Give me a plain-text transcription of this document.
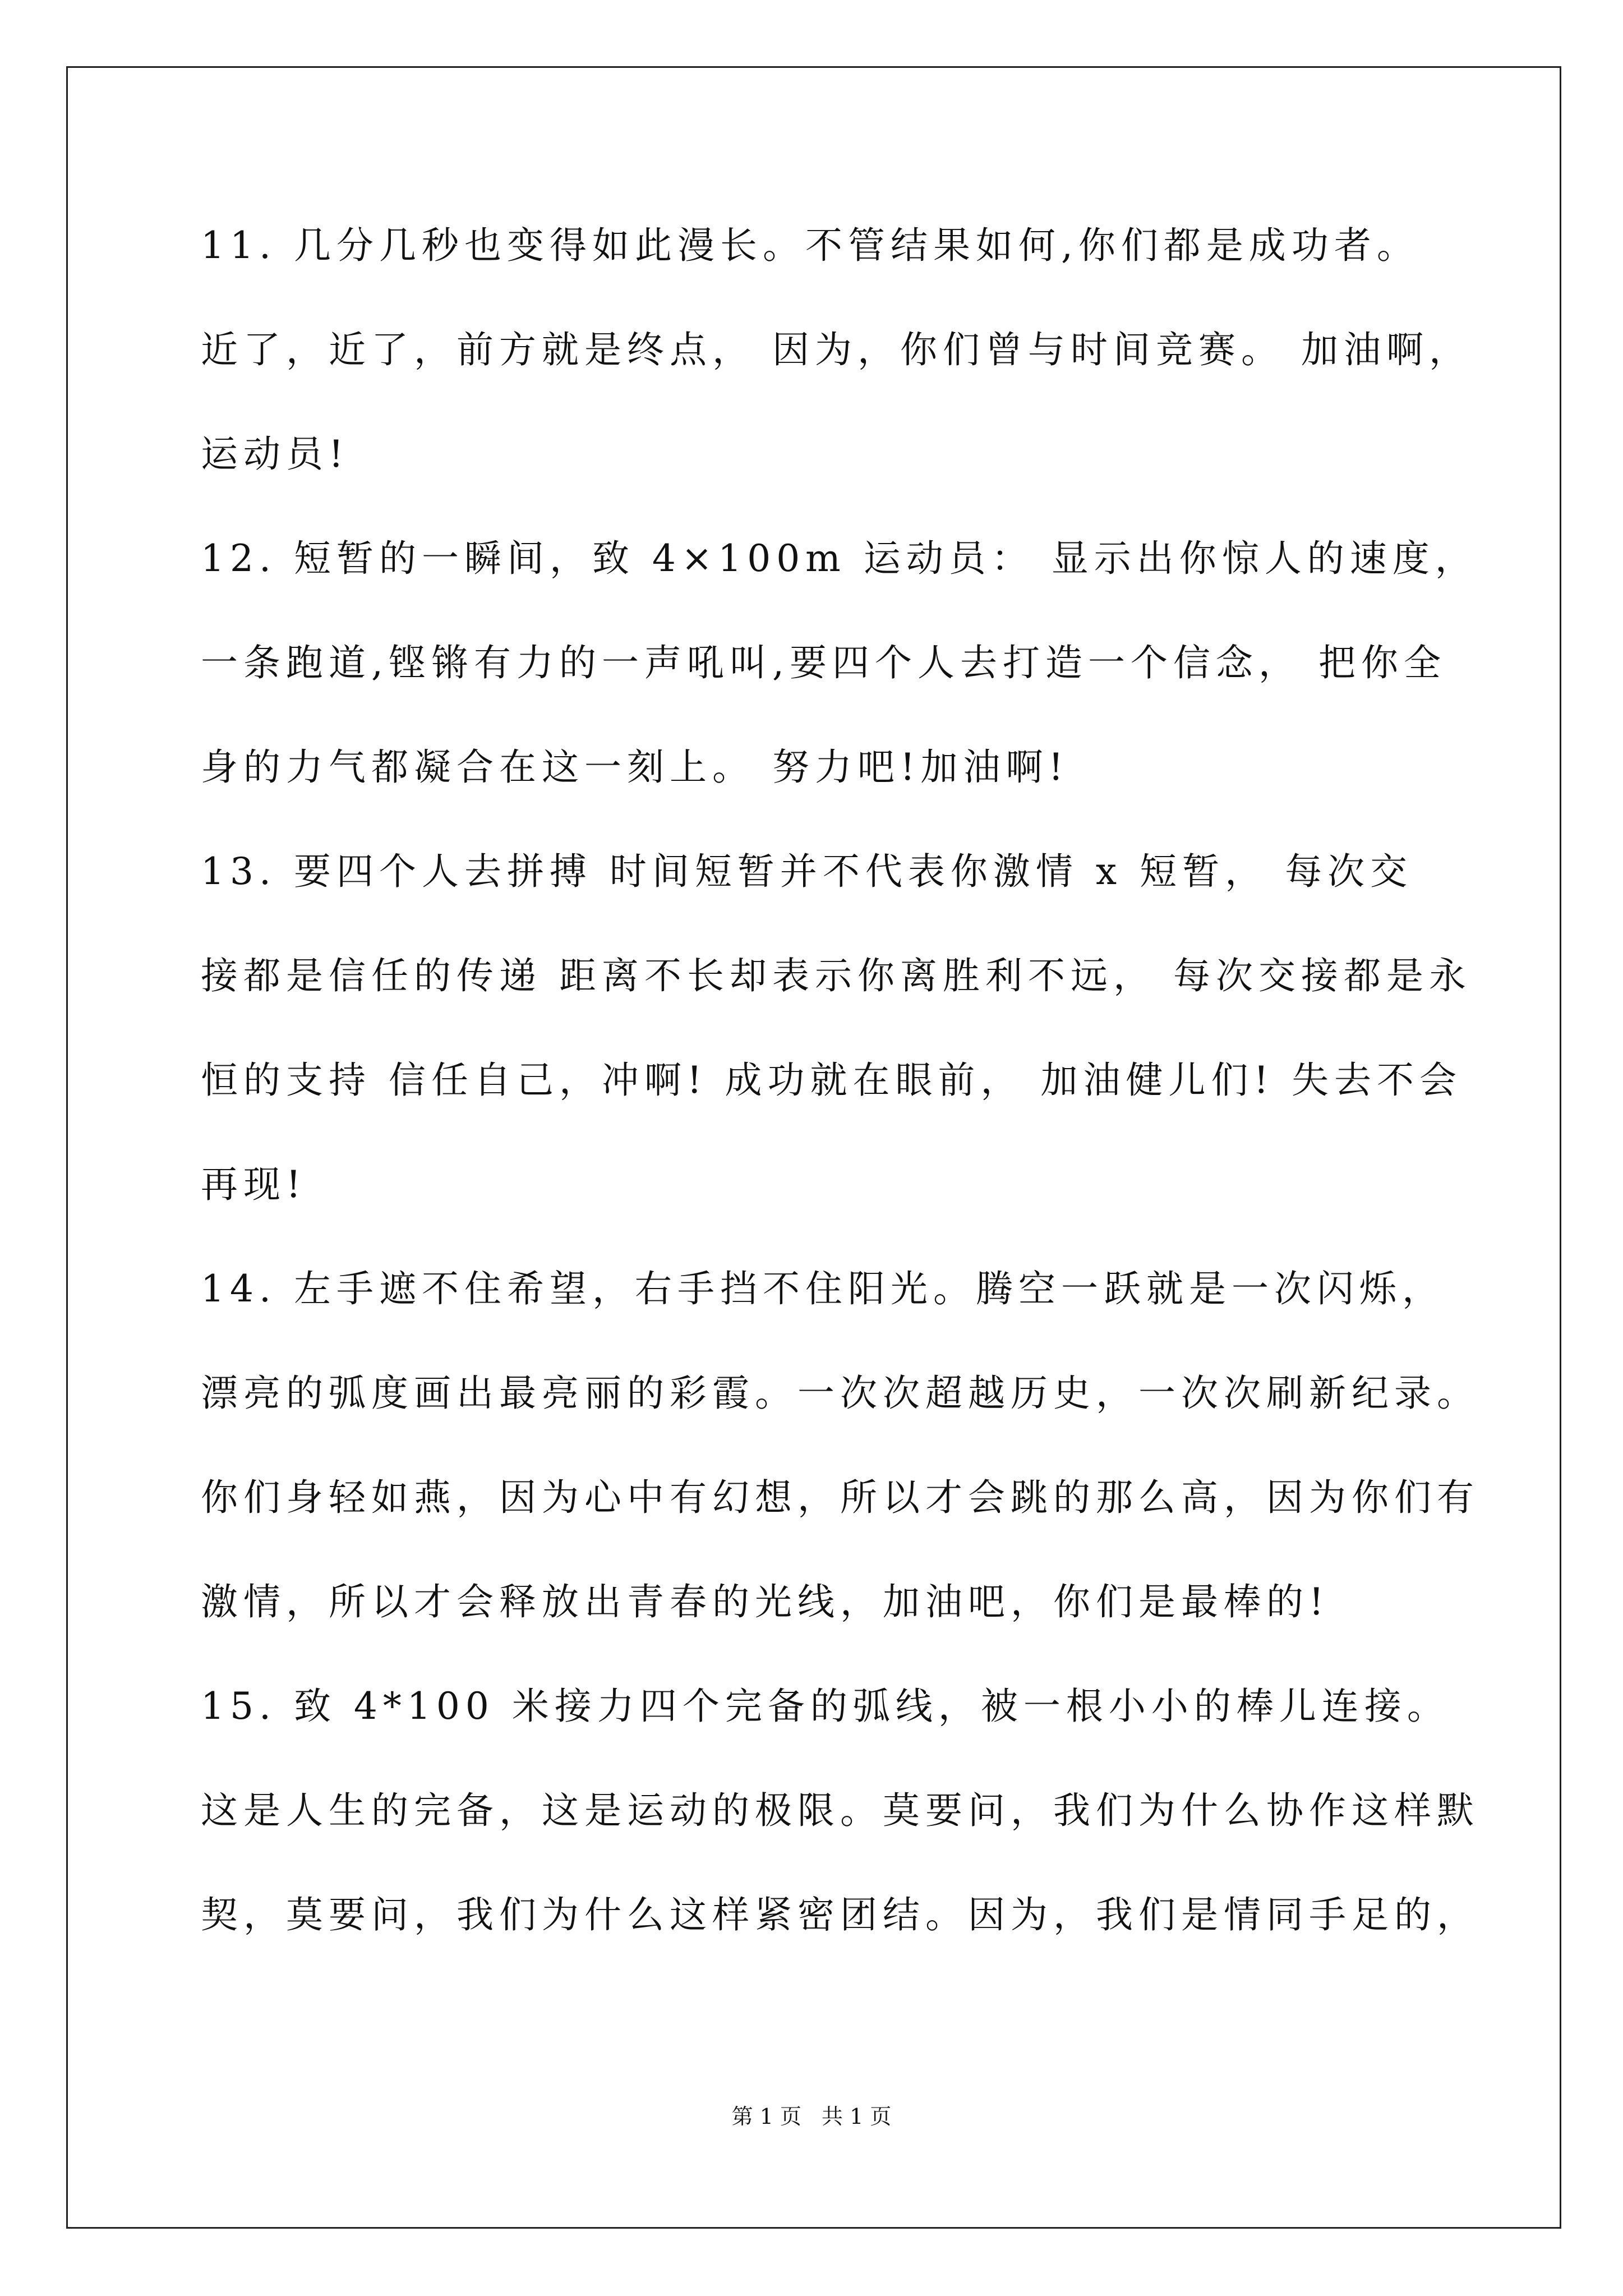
11. 几分几秒也变得如此漫长。不管结果如何,你们都是成功者。
近了，近了，前方就是终点， 因为，你们曾与时间竞赛。 加油啊，
运动员!
12. 短暂的一瞬间，致 4×100m 运动员： 显示出你惊人的速度，
一条跑道,铿锵有力的一声吼叫,要四个人去打造一个信念， 把你全
身的力气都凝合在这一刻上。 努力吧!加油啊!
13. 要四个人去拼搏 时间短暂并不代表你激情 x 短暂， 每次交
接都是信任的传递 距离不长却表示你离胜利不远， 每次交接都是永
恒的支持 信任自己，冲啊! 成功就在眼前， 加油健儿们! 失去不会
再现!
14. 左手遮不住希望，右手挡不住阳光。腾空一跃就是一次闪烁，
漂亮的弧度画出最亮丽的彩霞。一次次超越历史，一次次刷新纪录。
你们身轻如燕，因为心中有幻想，所以才会跳的那么高，因为你们有
激情，所以才会释放出青春的光线，加油吧，你们是最棒的!
15. 致 4*100 米接力四个完备的弧线，被一根小小的棒儿连接。
这是人生的完备，这是运动的极限。莫要问，我们为什么协作这样默
契，莫要问，我们为什么这样紧密团结。因为，我们是情同手足的，
第 1 页 共 1 页
